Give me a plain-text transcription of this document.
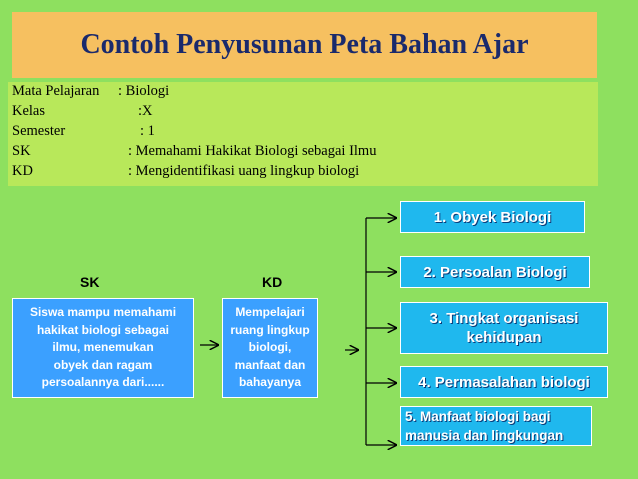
Contoh Penyusunan Peta Bahan Ajar
Mata Pelajaran : Biologi
Kelas	:X
Semester	: 1
SK	: Memahami Hakikat Biologi sebagai Ilmu
KD	: Mengidentifikasi uang lingkup biologi
SK	KD
Siswa mampu memahami
hakikat biologi sebagai
ilmu, menemukan
obyek dan ragam
persoalannya dari......
Mempelajari
ruang lingkup
biologi,
manfaat dan
bahayanya
1. Obyek Biologi
2. Persoalan Biologi
3. Tingkat organisasi
kehidupan
4. Permasalahan biologi
5. Manfaat biologi bagi
manusia dan lingkungan
